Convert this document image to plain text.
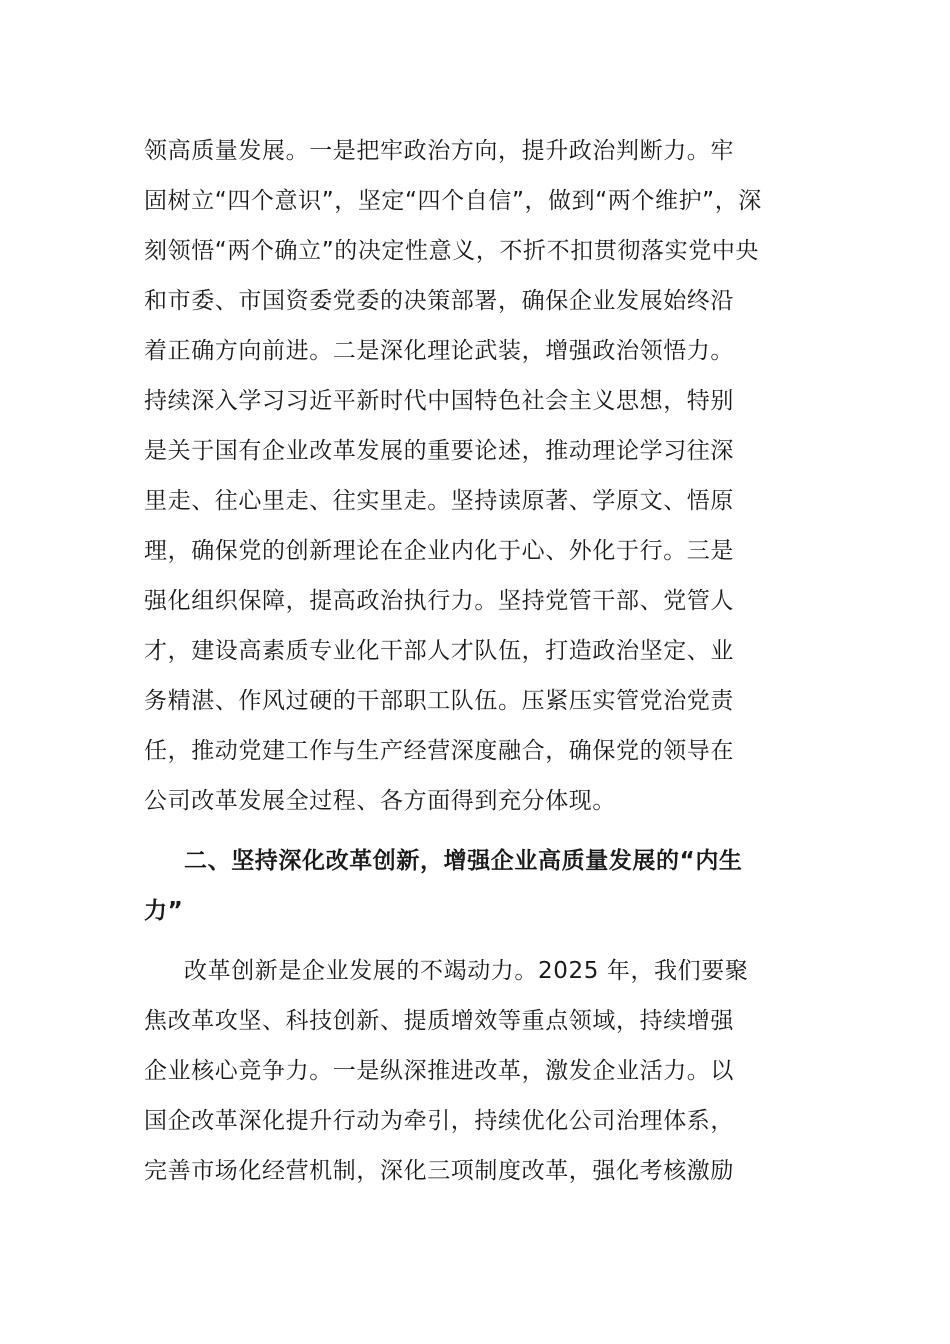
领高质量发展。一是把牢政治方向，提升政治判断力。牢
固树立“四个意识”，坚定“四个自信”，做到“两个维护”，深
刻领悟“两个确立”的决定性意义，不折不扣贯彻落实党中央
和市委、市国资委党委的决策部署，确保企业发展始终沿
着正确方向前进。二是深化理论武装，增强政治领悟力。
持续深入学习习近平新时代中国特色社会主义思想，特别
是关于国有企业改革发展的重要论述，推动理论学习往深
里走、往心里走、往实里走。坚持读原著、学原文、悟原
理，确保党的创新理论在企业内化于心、外化于行。三是
强化组织保障，提高政治执行力。坚持党管干部、党管人
才，建设高素质专业化干部人才队伍，打造政治坚定、业
务精湛、作风过硬的干部职工队伍。压紧压实管党治党责
任，推动党建工作与生产经营深度融合，确保党的领导在
公司改革发展全过程、各方面得到充分体现。
二、坚持深化改革创新，增强企业高质量发展的“内生
力”
改革创新是企业发展的不竭动力。2025 年，我们要聚
焦改革攻坚、科技创新、提质增效等重点领域，持续增强
企业核心竞争力。一是纵深推进改革，激发企业活力。以
国企改革深化提升行动为牵引，持续优化公司治理体系，
完善市场化经营机制，深化三项制度改革，强化考核激励
